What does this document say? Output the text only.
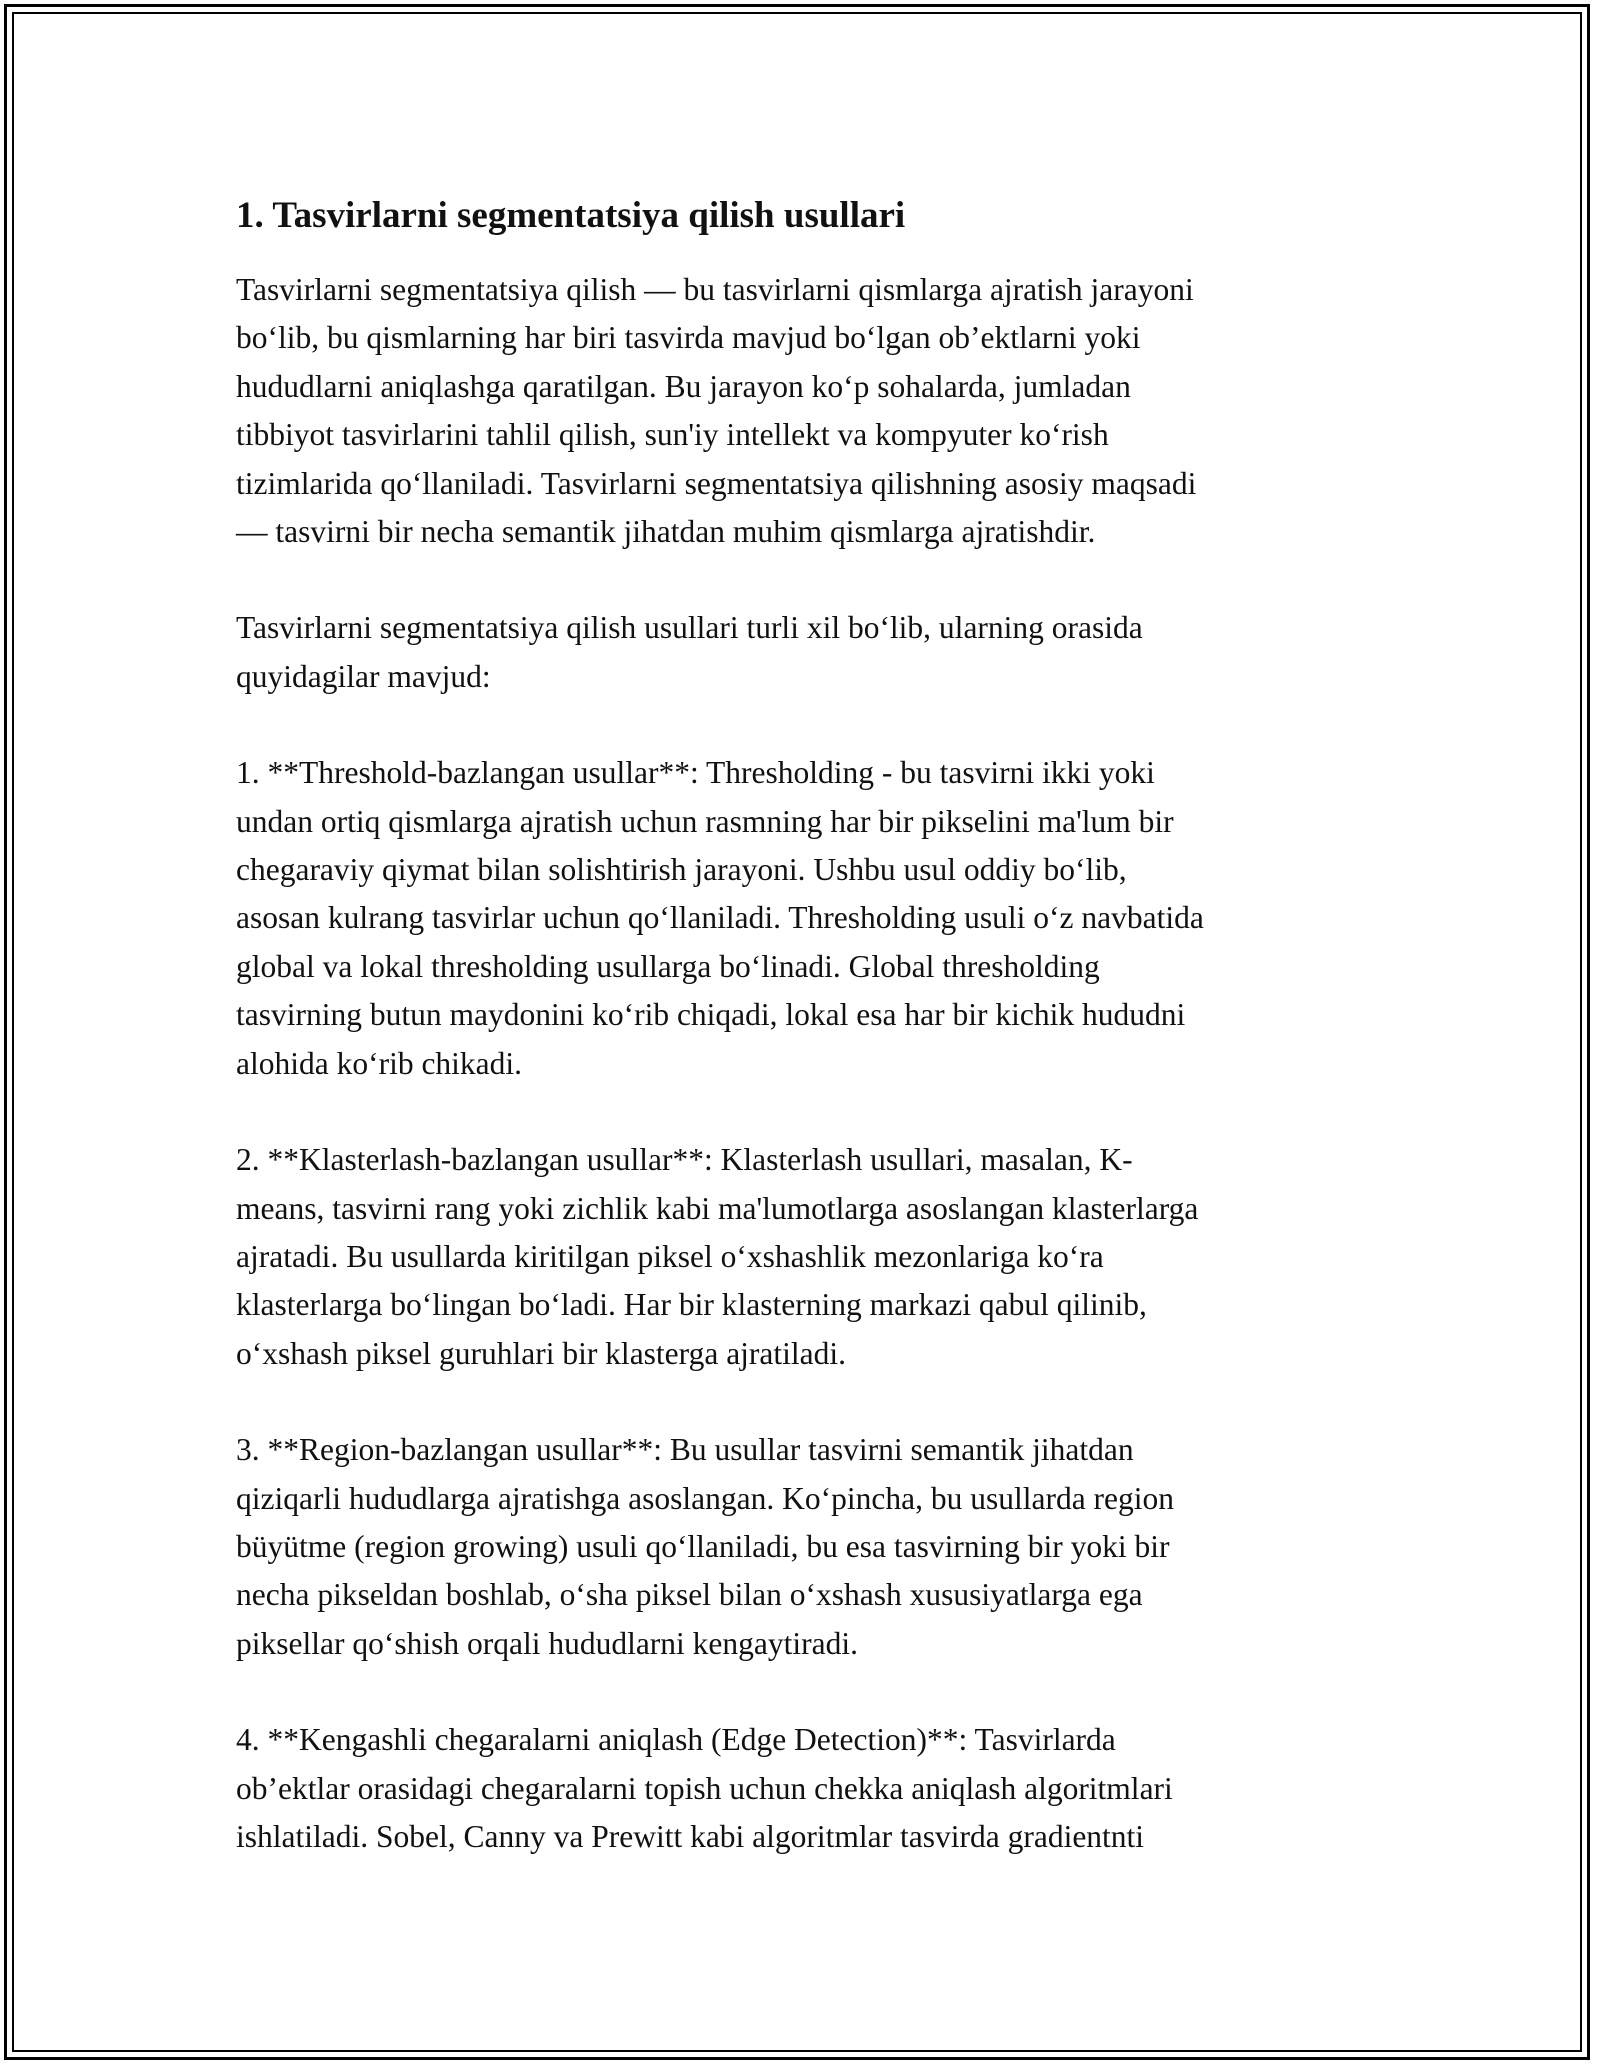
1. Tasvirlarni segmentatsiya qilish usullari

Tasvirlarni segmentatsiya qilish — bu tasvirlarni qismlarga ajratish jarayoni
bo‘lib, bu qismlarning har biri tasvirda mavjud bo‘lgan ob’ektlarni yoki
hududlarni aniqlashga qaratilgan. Bu jarayon ko‘p sohalarda, jumladan
tibbiyot tasvirlarini tahlil qilish, sun'iy intellekt va kompyuter ko‘rish
tizimlarida qo‘llaniladi. Tasvirlarni segmentatsiya qilishning asosiy maqsadi
— tasvirni bir necha semantik jihatdan muhim qismlarga ajratishdir.

Tasvirlarni segmentatsiya qilish usullari turli xil bo‘lib, ularning orasida
quyidagilar mavjud:

1. **Threshold-bazlangan usullar**: Thresholding - bu tasvirni ikki yoki
undan ortiq qismlarga ajratish uchun rasmning har bir pikselini ma'lum bir
chegaraviy qiymat bilan solishtirish jarayoni. Ushbu usul oddiy bo‘lib,
asosan kulrang tasvirlar uchun qo‘llaniladi. Thresholding usuli o‘z navbatida
global va lokal thresholding usullarga bo‘linadi. Global thresholding
tasvirning butun maydonini ko‘rib chiqadi, lokal esa har bir kichik hududni
alohida ko‘rib chikadi.

2. **Klasterlash-bazlangan usullar**: Klasterlash usullari, masalan, K-
means, tasvirni rang yoki zichlik kabi ma'lumotlarga asoslangan klasterlarga
ajratadi. Bu usullarda kiritilgan piksel o‘xshashlik mezonlariga ko‘ra
klasterlarga bo‘lingan bo‘ladi. Har bir klasterning markazi qabul qilinib,
o‘xshash piksel guruhlari bir klasterga ajratiladi.

3. **Region-bazlangan usullar**: Bu usullar tasvirni semantik jihatdan
qiziqarli hududlarga ajratishga asoslangan. Ko‘pincha, bu usullarda region
büyütme (region growing) usuli qo‘llaniladi, bu esa tasvirning bir yoki bir
necha pikseldan boshlab, o‘sha piksel bilan o‘xshash xususiyatlarga ega
piksellar qo‘shish orqali hududlarni kengaytiradi.

4. **Kengashli chegaralarni aniqlash (Edge Detection)**: Tasvirlarda
ob’ektlar orasidagi chegaralarni topish uchun chekka aniqlash algoritmlari
ishlatiladi. Sobel, Canny va Prewitt kabi algoritmlar tasvirda gradientnti
